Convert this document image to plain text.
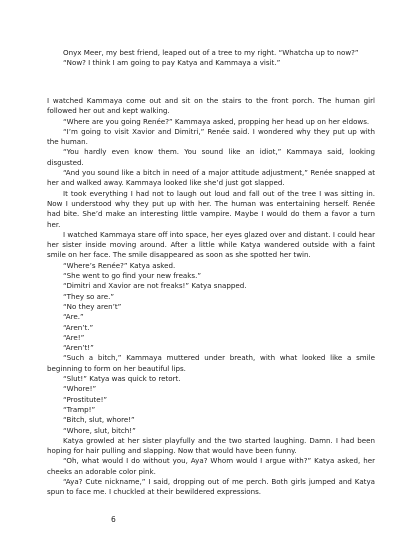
Onyx Meer, my best friend, leaped out of a tree to my right. “Whatcha up to now?”

“Now? I think I am going to pay Katya and Kammaya a visit.”

I watched Kammaya come out and sit on the stairs to the front porch. The human girl followed her out and kept walking.

“Where are you going Renée?” Kammaya asked, propping her head up on her eldows.

“I’m going to visit Xavior and Dimitri,” Renée said. I wondered why they put up with the human.

“You hardly even know them. You sound like an idiot,” Kammaya said, looking disgusted.

“And you sound like a bitch in need of a major attitude adjustment,” Renée snapped at her and walked away. Kammaya looked like she’d just got slapped.

It took everything I had not to laugh out loud and fall out of the tree I was sitting in. Now I understood why they put up with her. The human was entertaining herself. Renée had bite. She’d make an interesting little vampire. Maybe I would do them a favor a turn her.

I watched Kammaya stare off into space, her eyes glazed over and distant. I could hear her sister inside moving around. After a little while Katya wandered outside with a faint smile on her face. The smile disappeared as soon as she spotted her twin.

“Where’s Renée?” Katya asked.

“She went to go find your new freaks.”

“Dimitri and Xavior are not freaks!” Katya snapped.

“They so are.”

“No they aren’t”

“Are.”

“Aren’t.”

“Are!”

“Aren’t!”

“Such a bitch,” Kammaya muttered under breath, with what looked like a smile beginning to form on her beautiful lips.

“Slut!” Katya was quick to retort.

“Whore!”

“Prostitute!”

“Tramp!”

“Bitch, slut, whore!”

“Whore, slut, bitch!”

Katya growled at her sister playfully and the two started laughing. Damn. I had been hoping for hair pulling and slapping. Now that would have been funny.

“Oh, what would I do without you, Aya? Whom would I argue with?” Katya asked, her cheeks an adorable color pink.

“Aya? Cute nickname,” I said, dropping out of me perch. Both girls jumped and Katya spun to face me. I chuckled at their bewildered expressions.

6
